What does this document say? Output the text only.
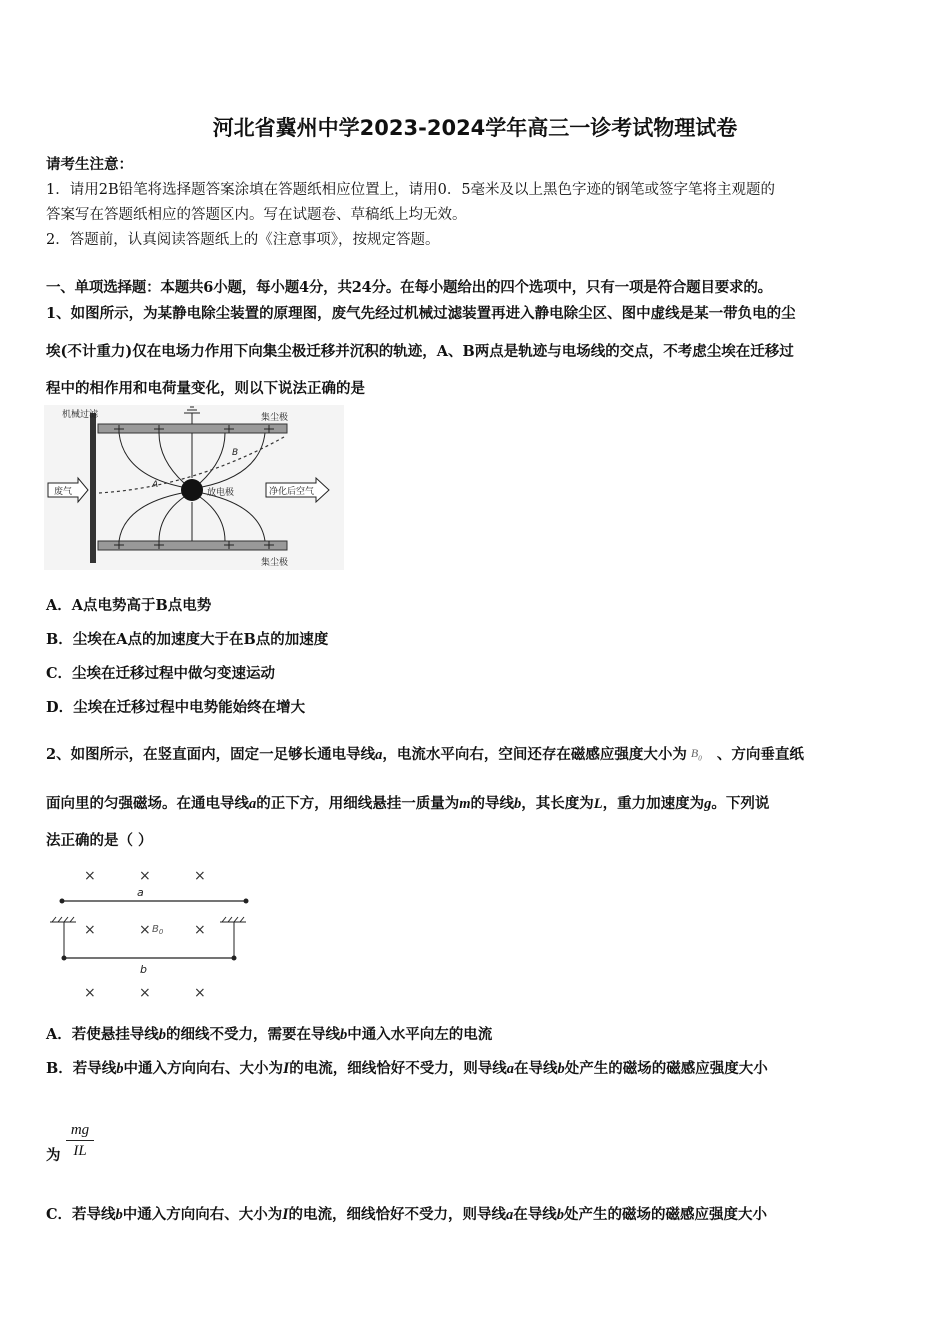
河北省冀州中学2023-2024学年高三一诊考试物理试卷
请考生注意：
1．请用2B铅笔将选择题答案涂填在答题纸相应位置上，请用0．5毫米及以上黑色字迹的钢笔或签字笔将主观题的
答案写在答题纸相应的答题区内。写在试题卷、草稿纸上均无效。
2．答题前，认真阅读答题纸上的《注意事项》，按规定答题。
一、单项选择题：本题共6小题，每小题4分，共24分。在每小题给出的四个选项中，只有一项是符合题目要求的。
1、如图所示，为某静电除尘装置的原理图，废气先经过机械过滤装置再进入静电除尘区、图中虚线是某一带负电的尘
埃(不计重力)仅在电场力作用下向集尘极迁移并沉积的轨迹，A、B两点是轨迹与电场线的交点，不考虑尘埃在迁移过
程中的相作用和电荷量变化，则以下说法正确的是
机械过滤	集尘极
集尘极
放电极
A
B
废气	净化后空气
A．A点电势高于B点电势
B．尘埃在A点的加速度大于在B点的加速度
C．尘埃在迁移过程中做匀变速运动
D．尘埃在迁移过程中电势能始终在增大
2、如图所示，在竖直面内，固定一足够长通电导线a，电流水平向右，空间还存在磁感应强度大小为 $B_0$ 、方向垂直纸
面向里的匀强磁场。在通电导线a的正下方，用细线悬挂一质量为m的导线b，其长度为L，重力加速度为g。下列说
法正确的是（ ）
×	×	×
×	×	×
×	×	×
a
b
$B_0$
A．若使悬挂导线b的细线不受力，需要在导线b中通入水平向左的电流
B．若导线b中通入方向向右、大小为I的电流，细线恰好不受力，则导线a在导线b处产生的磁场的磁感应强度大小
为
mg
IL
C．若导线b中通入方向向右、大小为I的电流，细线恰好不受力，则导线a在导线b处产生的磁场的磁感应强度大小
